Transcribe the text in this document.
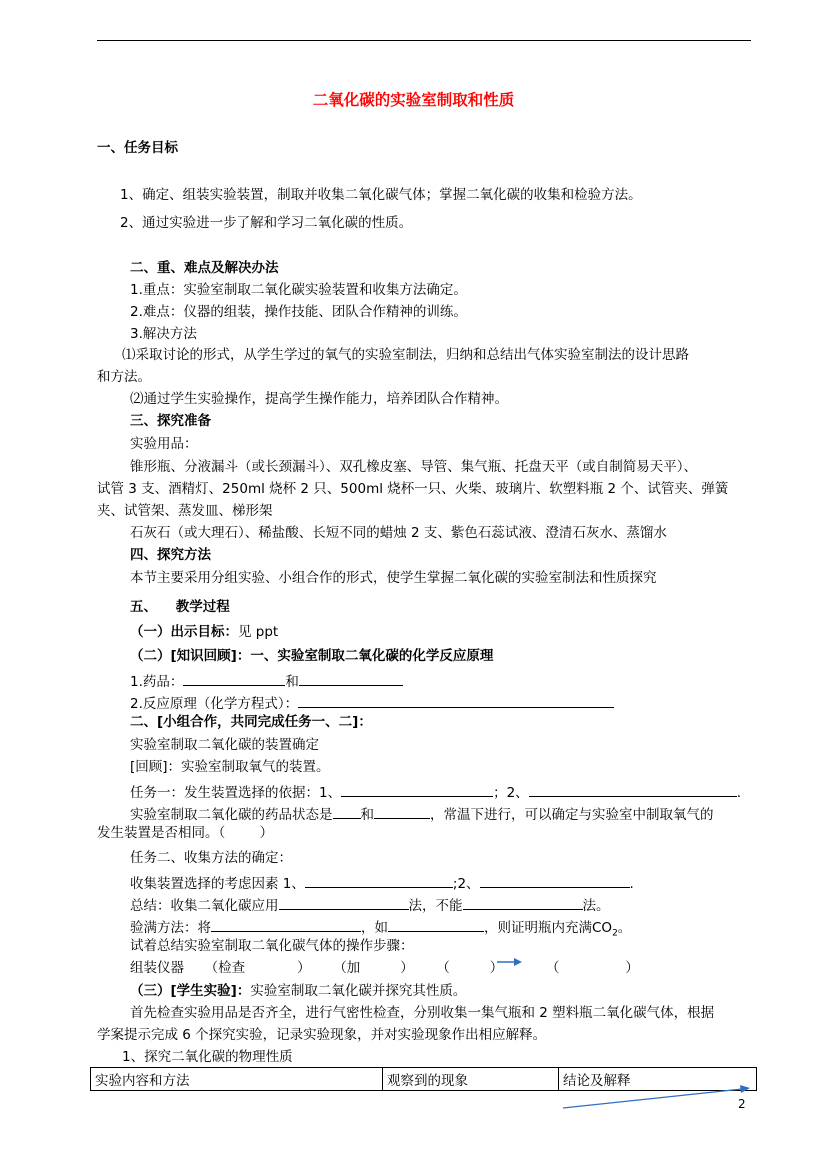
二氧化碳的实验室制取和性质
一、任务目标
1、确定、组装实验装置，制取并收集二氧化碳气体；掌握二氧化碳的收集和检验方法。
2、通过实验进一步了解和学习二氧化碳的性质。
二、重、难点及解决办法
1.重点：实验室制取二氧化碳实验装置和收集方法确定。
2.难点：仪器的组装，操作技能、团队合作精神的训练。
3.解决方法
⑴采取讨论的形式，从学生学过的氧气的实验室制法，归纳和总结出气体实验室制法的设计思路
和方法。
⑵通过学生实验操作，提高学生操作能力，培养团队合作精神。
三、探究准备
实验用品：
锥形瓶、分液漏斗（或长颈漏斗）、双孔橡皮塞、导管、集气瓶、托盘天平（或自制简易天平）、
试管 3 支、酒精灯、250ml 烧杯 2 只、500ml 烧杯一只、火柴、玻璃片、软塑料瓶 2 个、试管夹、弹簧
夹、试管架、蒸发皿、梯形架
石灰石（或大理石）、稀盐酸、长短不同的蜡烛 2 支、紫色石蕊试液、澄清石灰水、蒸馏水
四、探究方法
本节主要采用分组实验、小组合作的形式，使学生掌握二氧化碳的实验室制法和性质探究
五、    教学过程
（一）出示目标：见 ppt
（二）[知识回顾]：一、实验室制取二氧化碳的化学反应原理
1.药品：	和
2.反应原理（化学方程式）：
二、[小组合作，共同完成任务一、二]：
实验室制取二氧化碳的装置确定
[回顾]：实验室制取氧气的装置。
任务一：发生装置选择的依据：1、	；2、	.
实验室制取二氧化碳的药品状态是 和	，常温下进行，可以确定与实验室中制取氧气的
发生装置是否相同。（        ）
任务二、收集方法的确定：
收集装置选择的考虑因素 1、	;2、	.
总结：收集二氧化碳应用	法，不能	法。
验满方法：将	，如	，则证明瓶内充满$CO_2$。
试着总结实验室制取二氧化碳气体的操作步骤：
组装仪器 （检查	） （加	） （	）	（	）
（三）[学生实验]：实验室制取二氧化碳并探究其性质。
首先检查实验用品是否齐全，进行气密性检查，分别收集一集气瓶和 2 塑料瓶二氧化碳气体，根据
学案提示完成 6 个探究实验，记录实验现象，并对实验现象作出相应解释。
1、探究二氧化碳的物理性质
实验内容和方法	观察到的现象	结论及解释
2
